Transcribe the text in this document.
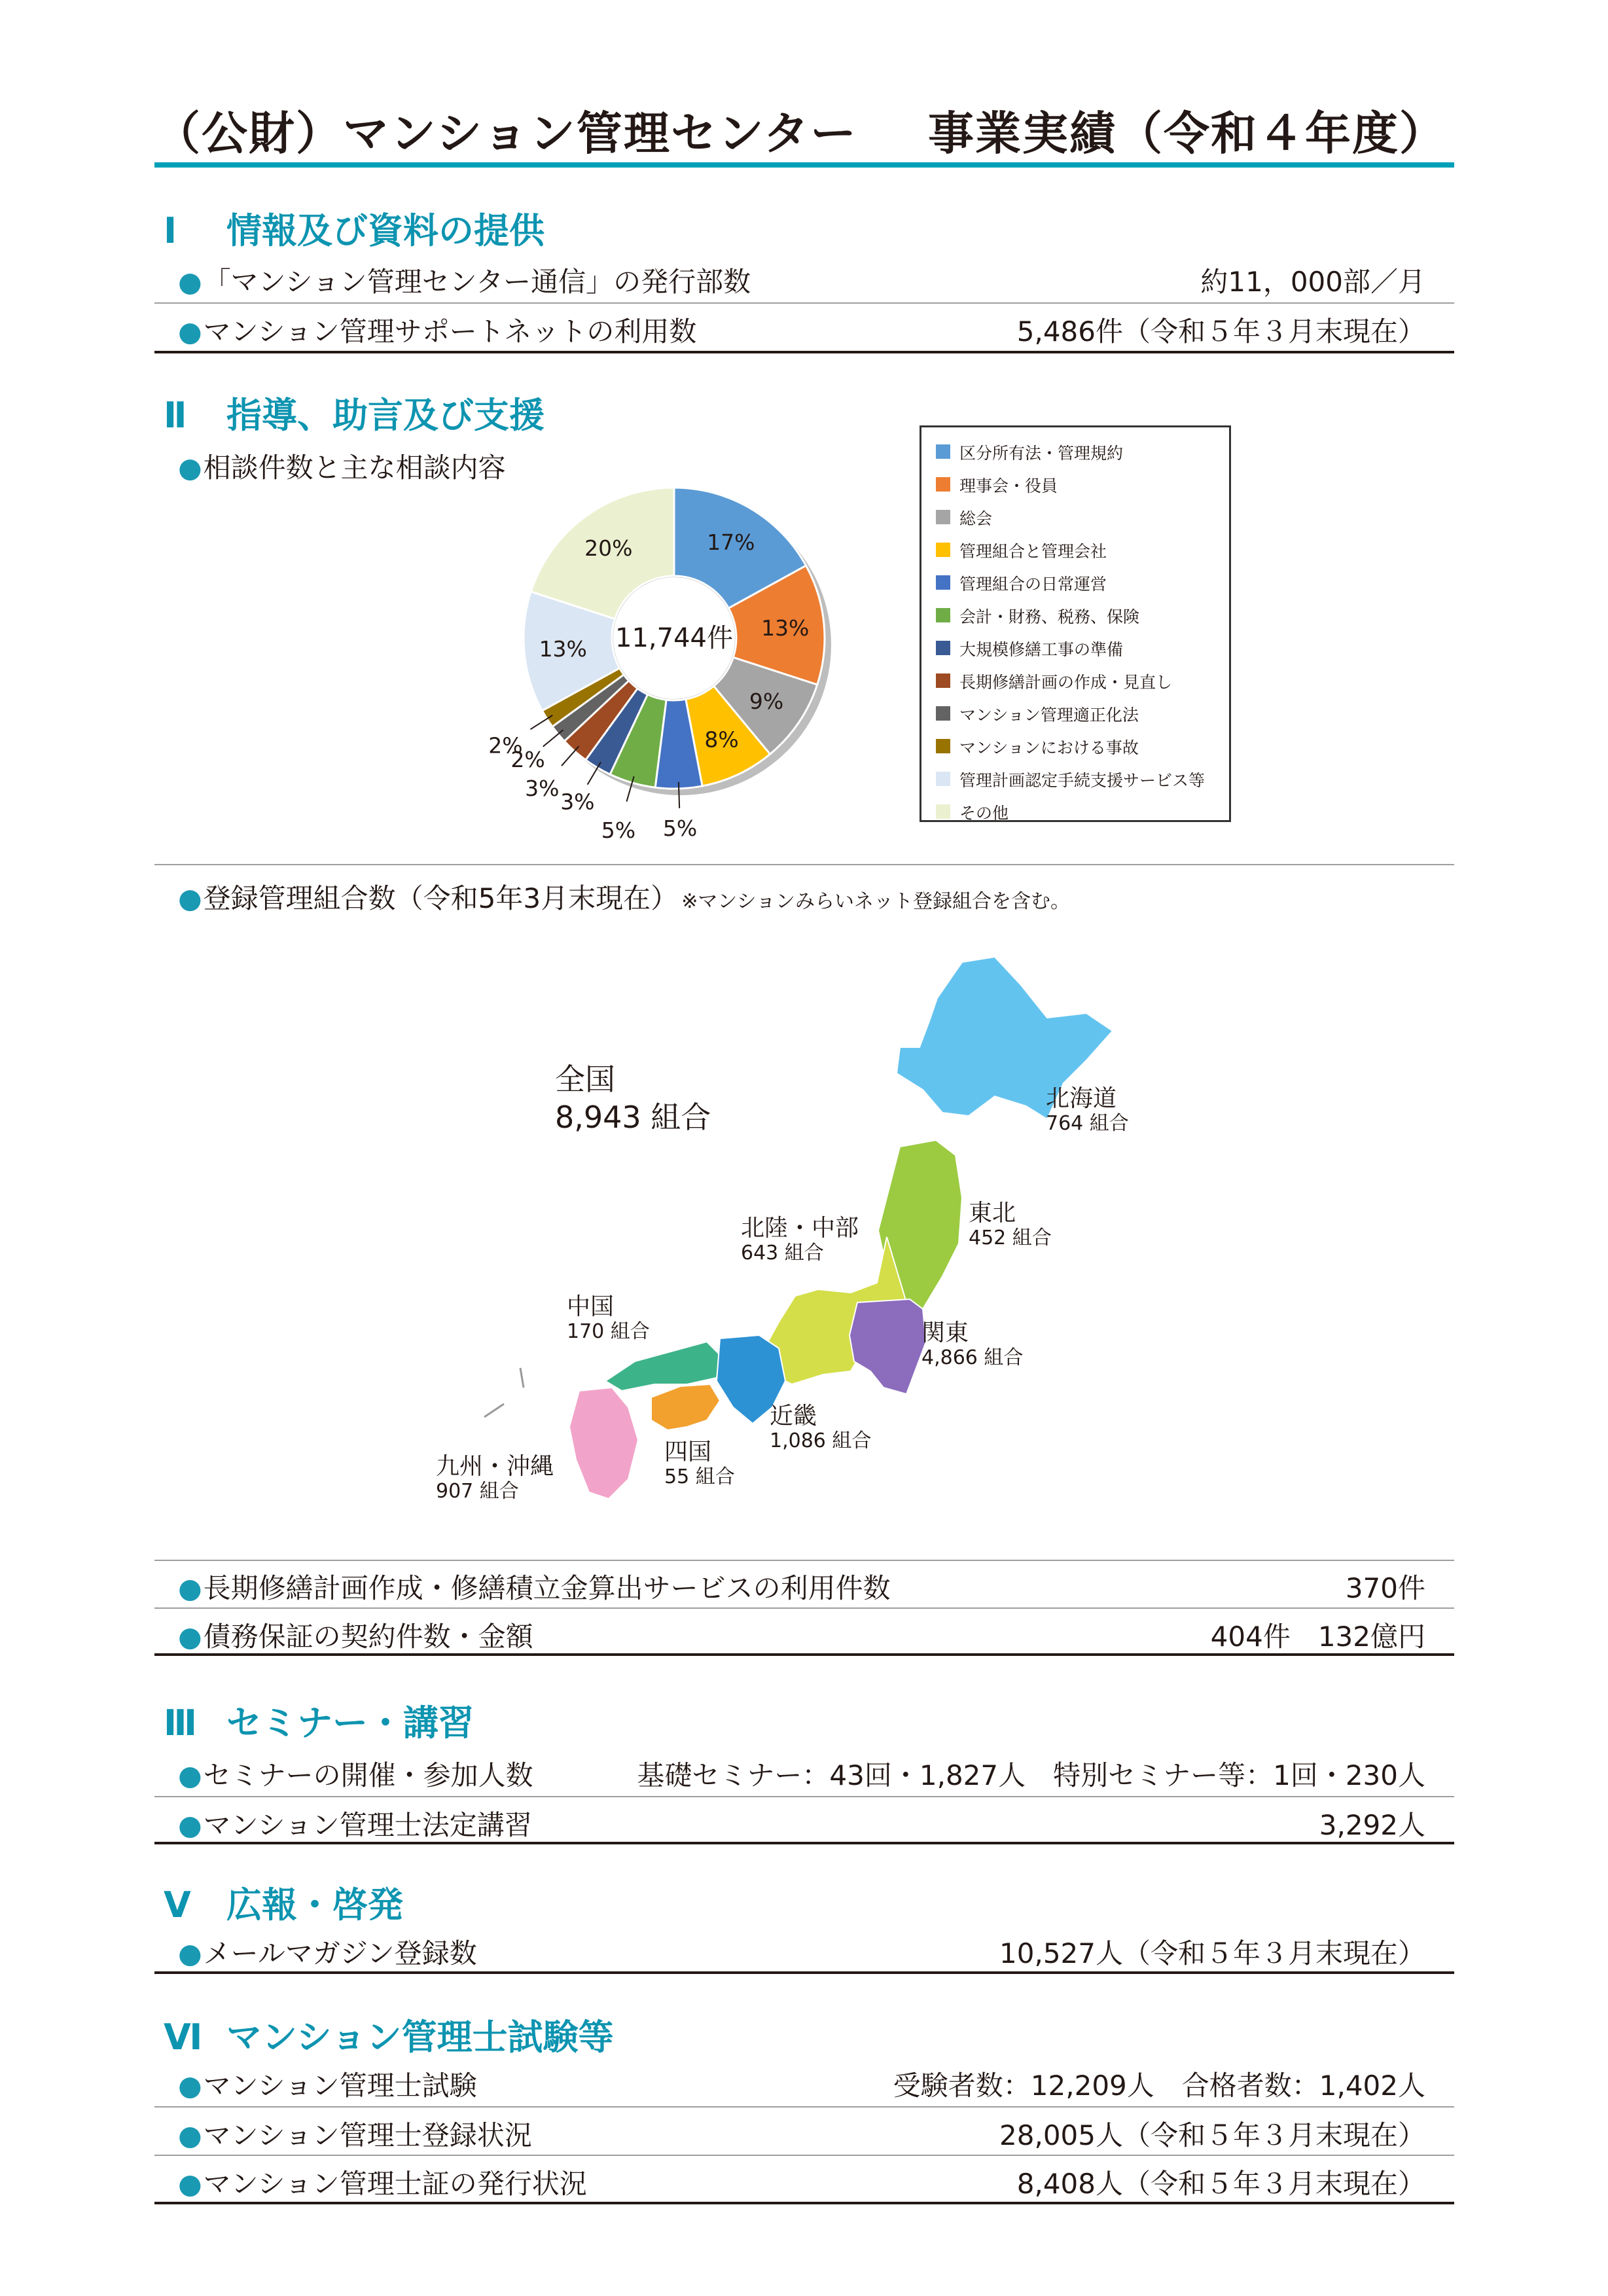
（公財）マンション管理センター 事業実績（令和４年度）
Ⅰ 情報及び資料の提供
● 「マンション管理センター通信」の発行部数	約11，000部／月
● マンション管理サポートネットの利用数	5,486件（令和５年３月末現在）
Ⅱ 指導、助言及び支援
● 相談件数と主な相談内容
17%
13%
9%
8%
5%
5%
3%
3%
2%
2%
13%
20%
11,744件
区分所有法・管理規約
理事会・役員
総会
管理組合と管理会社
管理組合の日常運営
会計・財務、税務、保険
大規模修繕工事の準備
長期修繕計画の作成・見直し
マンション管理適正化法
マンションにおける事故
管理計画認定手続支援サービス等
その他
● 登録管理組合数（令和5年3月末現在） ※マンションみらいネット登録組合を含む。
全国
8,943 組合
北海道
764 組合
東北
452 組合
北陸・中部
643 組合
関東
4,866 組合
中国
170 組合
近畿
1,086 組合
四国
55 組合
九州・沖縄
907 組合
● 長期修繕計画作成・修繕積立金算出サービスの利用件数	370件
● 債務保証の契約件数・金額	404件　132億円
Ⅲ セミナー・講習
● セミナーの開催・参加人数	基礎セミナー：43回・1,827人　特別セミナー等：1回・230人
● マンション管理士法定講習	3,292人
Ⅴ 広報・啓発
● メールマガジン登録数	10,527人（令和５年３月末現在）
Ⅵ マンション管理士試験等
● マンション管理士試験	受験者数：12,209人　合格者数：1,402人
● マンション管理士登録状況	28,005人（令和５年３月末現在）
● マンション管理士証の発行状況	8,408人（令和５年３月末現在）
